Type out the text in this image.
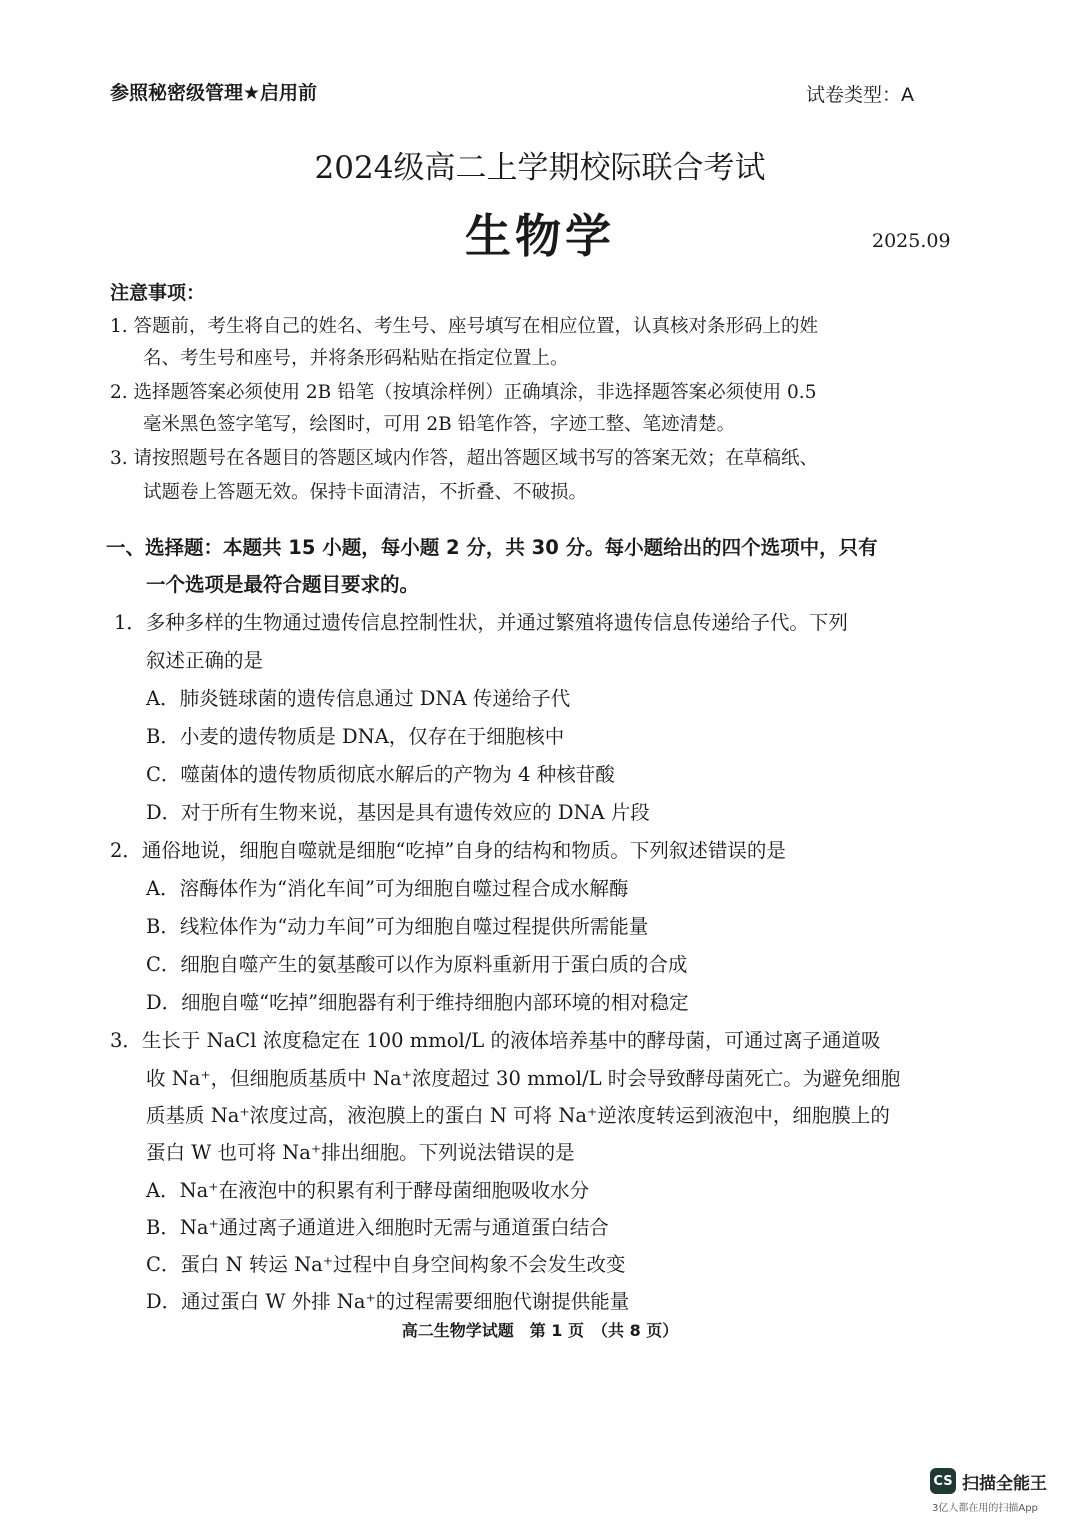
参照秘密级管理★启用前	试卷类型：A
2024级高二上学期校际联合考试
生物学	2025.09
注意事项：
1. 答题前，考生将自己的姓名、考生号、座号填写在相应位置，认真核对条形码上的姓
名、考生号和座号，并将条形码粘贴在指定位置上。
2. 选择题答案必须使用 2B 铅笔（按填涂样例）正确填涂，非选择题答案必须使用 0.5
毫米黑色签字笔写，绘图时，可用 2B 铅笔作答，字迹工整、笔迹清楚。
3. 请按照题号在各题目的答题区域内作答，超出答题区域书写的答案无效；在草稿纸、
试题卷上答题无效。保持卡面清洁，不折叠、不破损。
一、选择题：本题共 15 小题，每小题 2 分，共 30 分。每小题给出的四个选项中，只有
一个选项是最符合题目要求的。
1．多种多样的生物通过遗传信息控制性状，并通过繁殖将遗传信息传递给子代。下列
叙述正确的是
A．肺炎链球菌的遗传信息通过 DNA 传递给子代
B．小麦的遗传物质是 DNA，仅存在于细胞核中
C．噬菌体的遗传物质彻底水解后的产物为 4 种核苷酸
D．对于所有生物来说，基因是具有遗传效应的 DNA 片段
2．通俗地说，细胞自噬就是细胞“吃掉”自身的结构和物质。下列叙述错误的是
A．溶酶体作为“消化车间”可为细胞自噬过程合成水解酶
B．线粒体作为“动力车间”可为细胞自噬过程提供所需能量
C．细胞自噬产生的氨基酸可以作为原料重新用于蛋白质的合成
D．细胞自噬“吃掉”细胞器有利于维持细胞内部环境的相对稳定
3．生长于 NaCl 浓度稳定在 100 mmol/L 的液体培养基中的酵母菌，可通过离子通道吸
收 Na⁺，但细胞质基质中 Na⁺浓度超过 30 mmol/L 时会导致酵母菌死亡。为避免细胞
质基质 Na⁺浓度过高，液泡膜上的蛋白 N 可将 Na⁺逆浓度转运到液泡中，细胞膜上的
蛋白 W 也可将 Na⁺排出细胞。下列说法错误的是
A．Na⁺在液泡中的积累有利于酵母菌细胞吸收水分
B．Na⁺通过离子通道进入细胞时无需与通道蛋白结合
C．蛋白 N 转运 Na⁺过程中自身空间构象不会发生改变
D．通过蛋白 W 外排 Na⁺的过程需要细胞代谢提供能量
高二生物学试题　第 1 页　（共 8 页）
CS 扫描全能王
3亿人都在用的扫描App
